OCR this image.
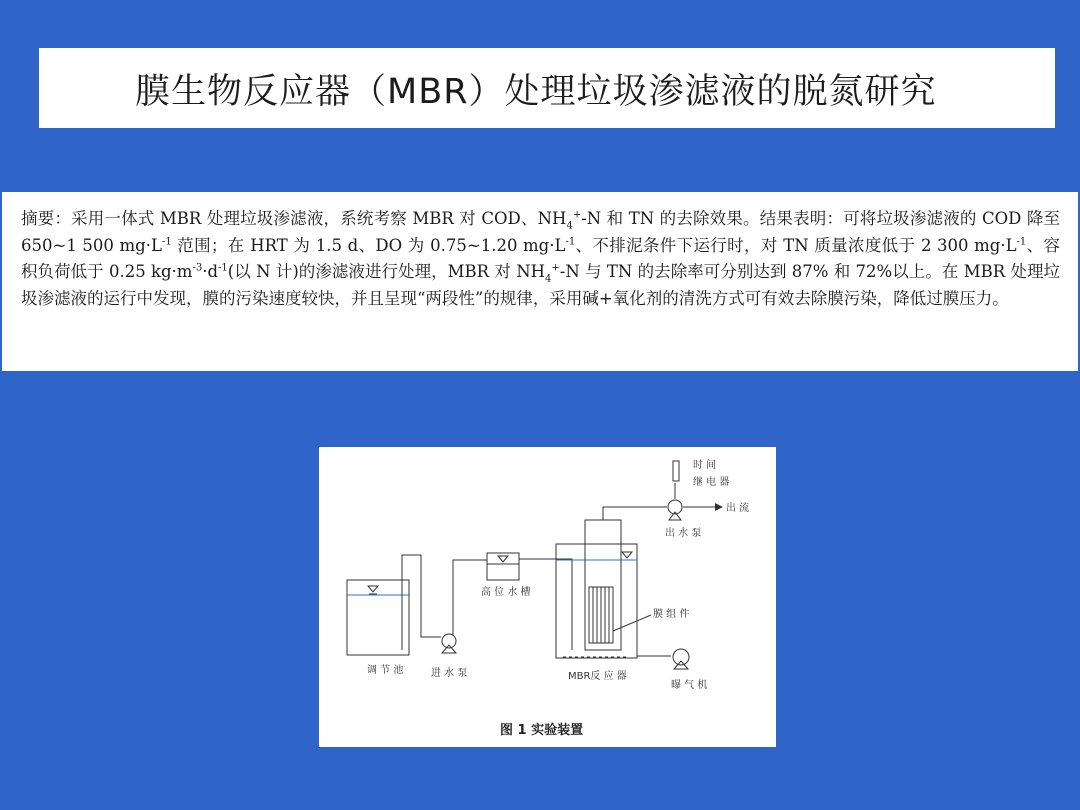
膜生物反应器（MBR）处理垃圾渗滤液的脱氮研究

摘要：采用一体式 MBR 处理垃圾渗滤液，系统考察 MBR 对 COD、$NH_4^+-N$ 和 TN 的去除效果。结果表明：可将垃圾渗滤液的 COD 降至 650~1 500 $mg\cdot L^{-1}$ 范围；在 HRT 为 1.5 d、DO 为 0.75~1.20 $mg\cdot L^{-1}$、不排泥条件下运行时，对 TN 质量浓度低于 2 300 $mg\cdot L^{-1}$、容积负荷低于 0.25 $kg\cdot m^{-3}\cdot d^{-1}$(以 N 计)的渗滤液进行处理，MBR 对 $NH_4^+-N$ 与 TN 的去除率可分别达到 87% 和 72%以上。在 MBR 处理垃圾渗滤液的运行中发现，膜的污染速度较快，并且呈现“两段性”的规律，采用碱+氧化剂的清洗方式可有效去除膜污染，降低过膜压力。

时 间
继 电 器
出 流
出 水 泵
高 位 水 槽
膜 组 件
调 节 池	进 水 泵	MBR反 应 器
曝 气 机
图 1 实验装置
